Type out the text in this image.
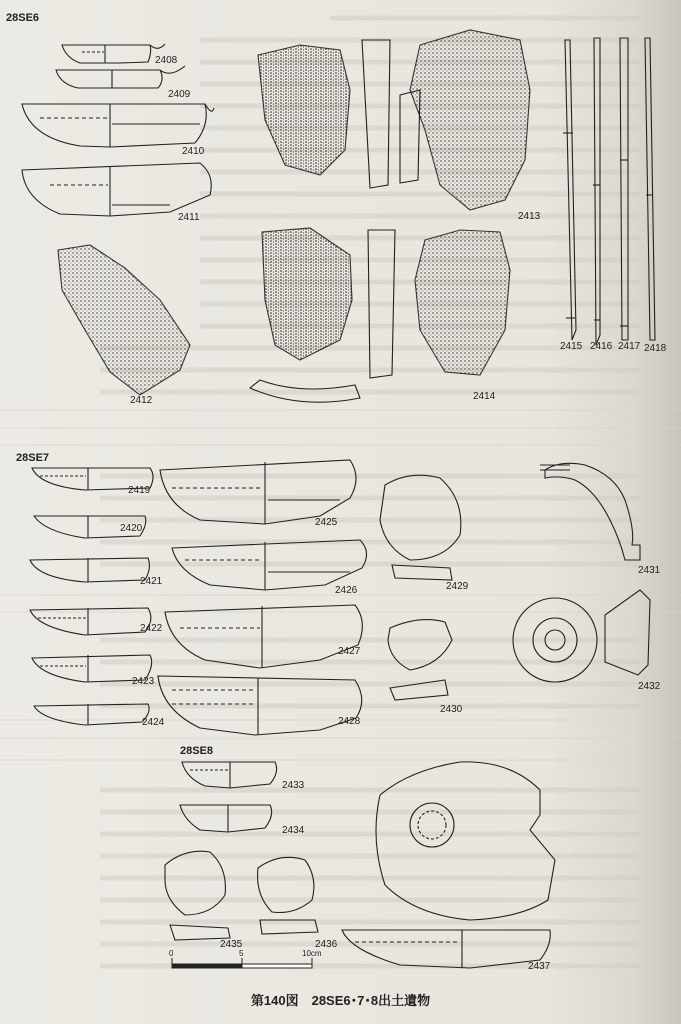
28SE6
28SE7
28SE8
2408
2409
2410
2411
2412
2413
2414
2415 2416 2417 2418
2419
2420
2421
2422
2423
2424
2425
2426
2427
2428
2429
2430
2431
2432
2433
2434
2435	2436
2437
0	5	10cm
第140図　28SE6･7･8出土遺物
